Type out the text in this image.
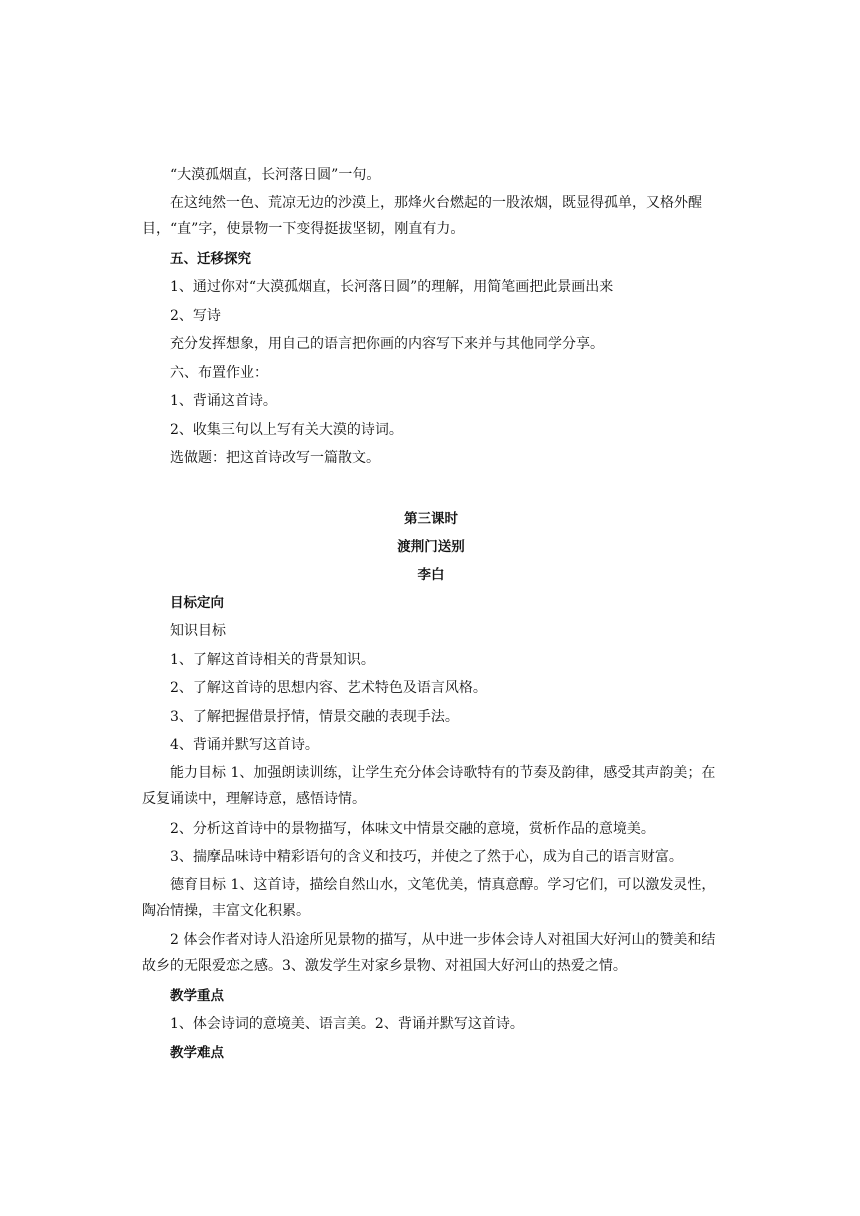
“大漠孤烟直，长河落日圆”一句。

在这纯然一色、荒凉无边的沙漠上，那烽火台燃起的一股浓烟，既显得孤单，又格外醒目，“直”字，使景物一下变得挺拔坚韧，刚直有力。

五、迁移探究

1、通过你对“大漠孤烟直，长河落日圆”的理解，用简笔画把此景画出来

2、写诗

充分发挥想象，用自己的语言把你画的内容写下来并与其他同学分享。

六、布置作业：

1、背诵这首诗。

2、收集三句以上写有关大漠的诗词。

选做题：把这首诗改写一篇散文。

第三课时

渡荆门送别

李白

目标定向

知识目标

1、了解这首诗相关的背景知识。

2、了解这首诗的思想内容、艺术特色及语言风格。

3、了解把握借景抒情，情景交融的表现手法。

4、背诵并默写这首诗。

能力目标 1、加强朗读训练，让学生充分体会诗歌特有的节奏及韵律，感受其声韵美；在反复诵读中，理解诗意，感悟诗情。

2、分析这首诗中的景物描写，体味文中情景交融的意境，赏析作品的意境美。

3、揣摩品味诗中精彩语句的含义和技巧，并使之了然于心，成为自己的语言财富。

德育目标 1、这首诗，描绘自然山水，文笔优美，情真意醇。学习它们，可以激发灵性，陶冶情操，丰富文化积累。

2 体会作者对诗人沿途所见景物的描写，从中进一步体会诗人对祖国大好河山的赞美和结故乡的无限爱恋之感。3、激发学生对家乡景物、对祖国大好河山的热爱之情。

教学重点

1、体会诗词的意境美、语言美。2、背诵并默写这首诗。

教学难点
